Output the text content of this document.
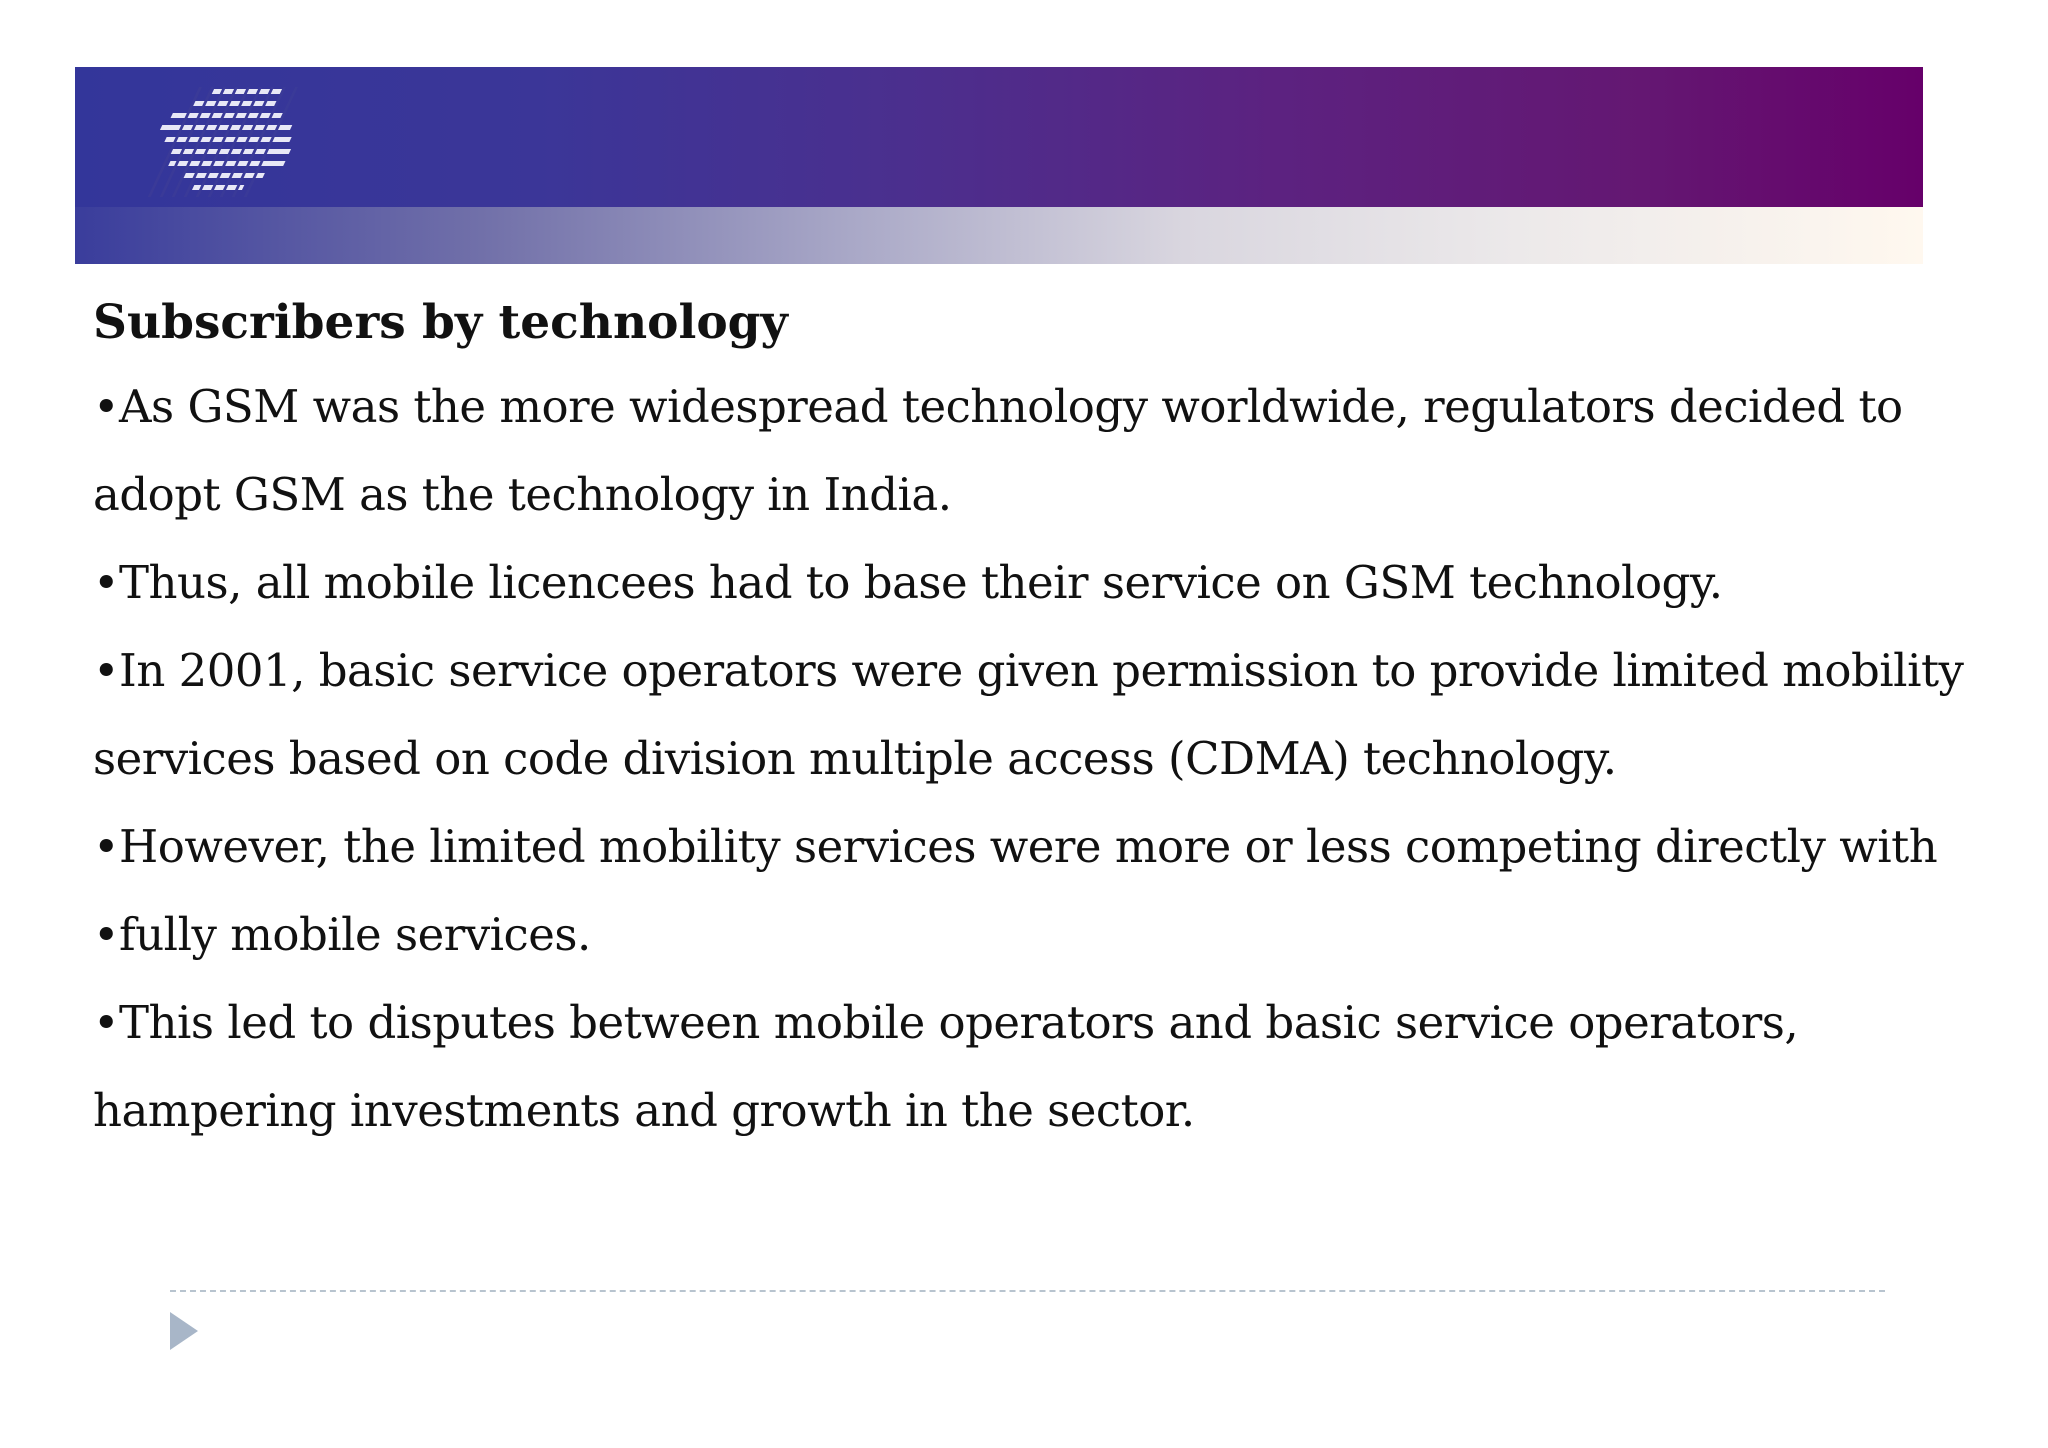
Subscribers by technology

•As GSM was the more widespread technology worldwide, regulators decided to

adopt GSM as the technology in India.

•Thus, all mobile licencees had to base their service on GSM technology.

•In 2001, basic service operators were given permission to provide limited mobility

services based on code division multiple access (CDMA) technology.

•However, the limited mobility services were more or less competing directly with

•fully mobile services.

•This led to disputes between mobile operators and basic service operators,

hampering investments and growth in the sector.
